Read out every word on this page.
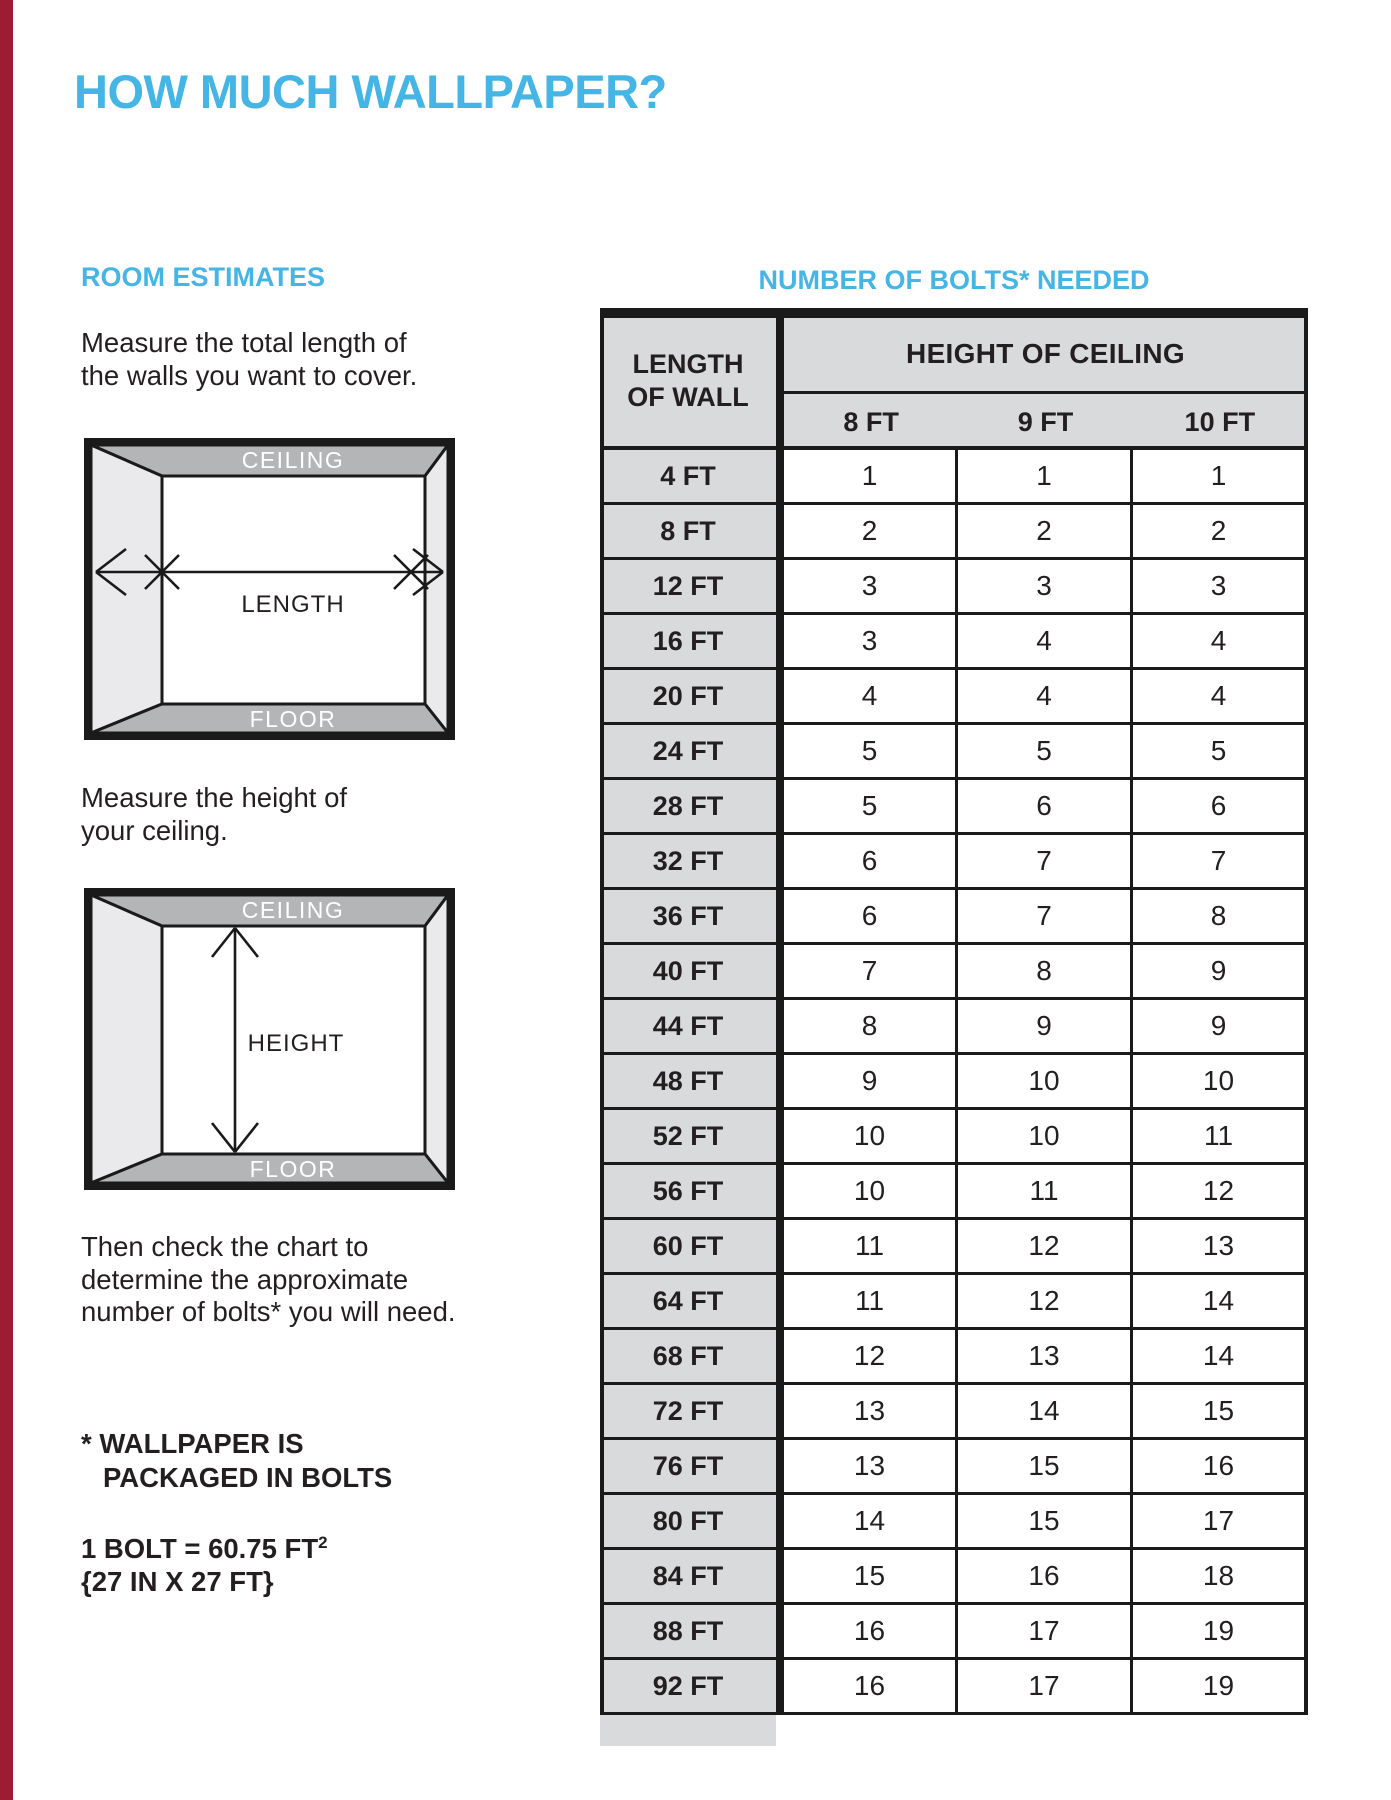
HOW MUCH WALLPAPER?
ROOM ESTIMATES
Measure the total length of
the walls you want to cover.
CEILING
FLOOR
LENGTH
Measure the height of
your ceiling.
CEILING
FLOOR
HEIGHT
Then check the chart to
determine the approximate
number of bolts* you will need.
* WALLPAPER IS
PACKAGED IN BOLTS
1 BOLT = 60.75 $FT^2$
{27 IN X 27 FT}
NUMBER OF BOLTS* NEEDED
LENGTH
OF WALL
HEIGHT OF CEILING
8 FT	9 FT	10 FT
4 FT
8 FT
12 FT
16 FT
20 FT
24 FT
28 FT
32 FT
36 FT
40 FT
44 FT
48 FT
52 FT
56 FT
60 FT
64 FT
68 FT
72 FT
76 FT
80 FT
84 FT
88 FT
92 FT
1
2
3
3
4
5
5
6
6
7
8
9
10
10
11
11
12
13
13
14
15
16
16
1
2
3
4
4
5
6
7
7
8
9
10
10
11
12
12
13
14
15
15
16
17
17
1
2
3
4
4
5
6
7
8
9
9
10
11
12
13
14
14
15
16
17
18
19
19
